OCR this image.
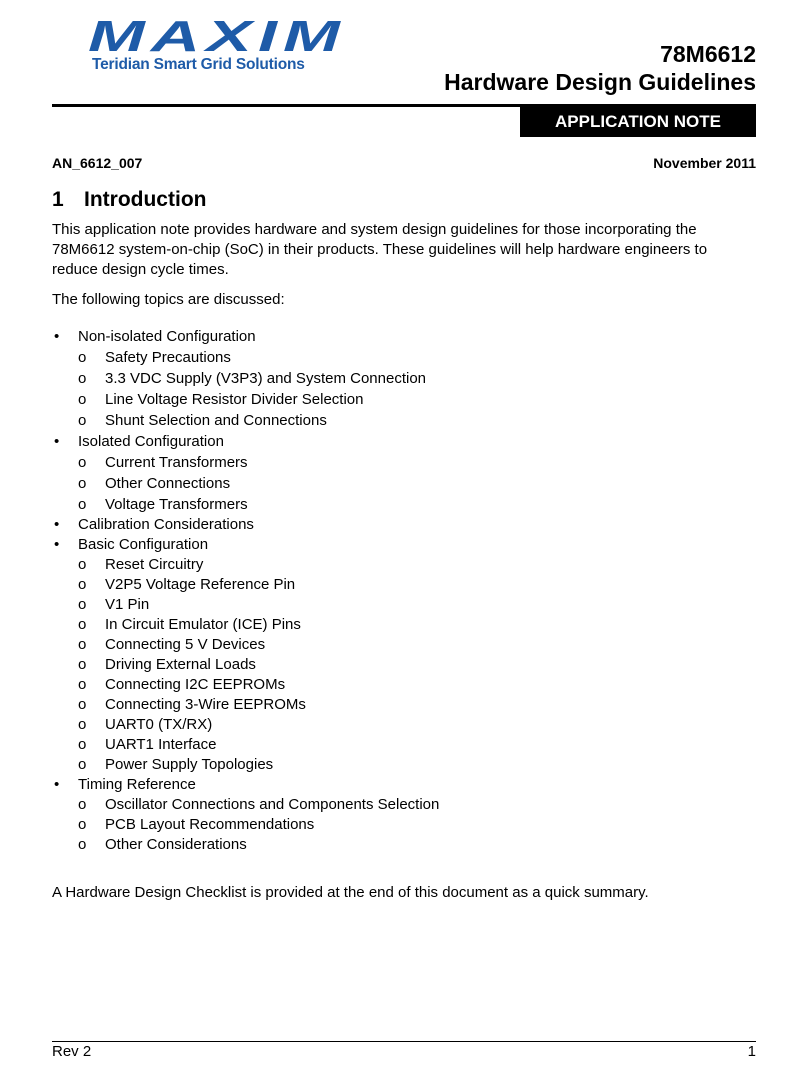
MAXIM
Teridian Smart Grid Solutions	78M6612
Hardware Design Guidelines
APPLICATION NOTE
AN_6612_007	November 2011
1 Introduction
This application note provides hardware and system design guidelines for those incorporating the 78M6612 system-on-chip (SoC) in their products. These guidelines will help hardware engineers to reduce design cycle times.
The following topics are discussed:
• Non-isolated Configuration
o Safety Precautions
o 3.3 VDC Supply (V3P3) and System Connection
o Line Voltage Resistor Divider Selection
o Shunt Selection and Connections
• Isolated Configuration
o Current Transformers
o Other Connections
o Voltage Transformers
• Calibration Considerations
• Basic Configuration
o Reset Circuitry
o V2P5 Voltage Reference Pin
o V1 Pin
o In Circuit Emulator (ICE) Pins
o Connecting 5 V Devices
o Driving External Loads
o Connecting I2C EEPROMs
o Connecting 3-Wire EEPROMs
o UART0 (TX/RX)
o UART1 Interface
o Power Supply Topologies
• Timing Reference
o Oscillator Connections and Components Selection
o PCB Layout Recommendations
o Other Considerations
A Hardware Design Checklist is provided at the end of this document as a quick summary.
Rev 2	1
